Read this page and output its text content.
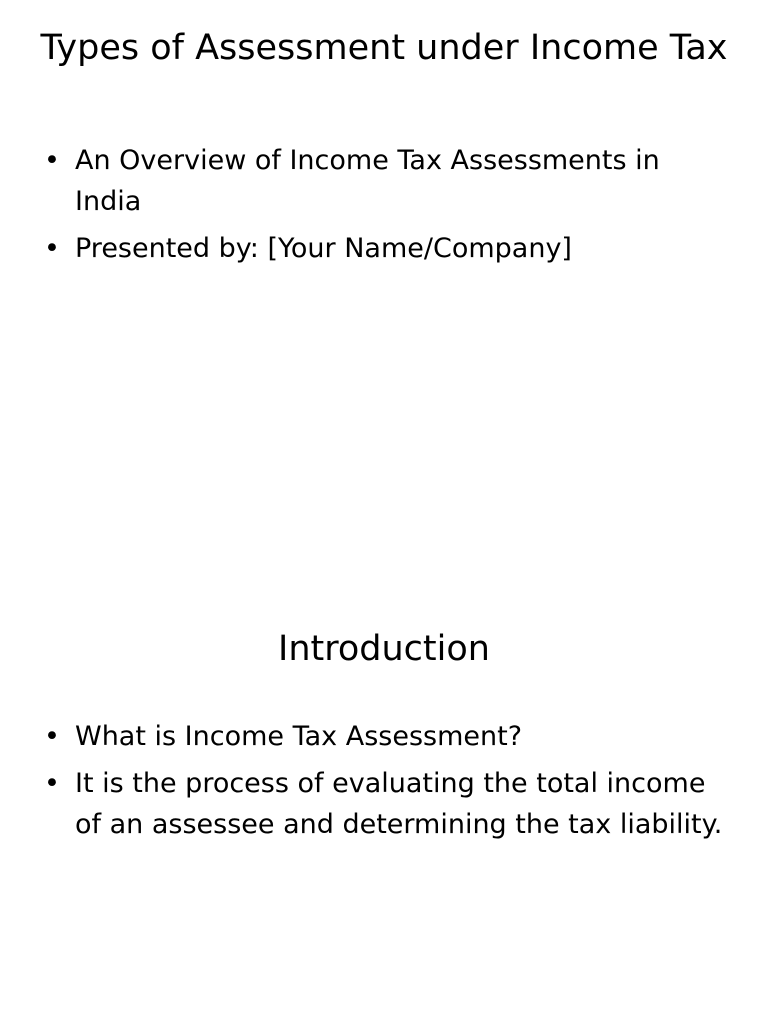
Types of Assessment under Income Tax
• An Overview of Income Tax Assessments in India
• Presented by: [Your Name/Company]
Introduction
• What is Income Tax Assessment?
• It is the process of evaluating the total income of an assessee and determining the tax liability.
